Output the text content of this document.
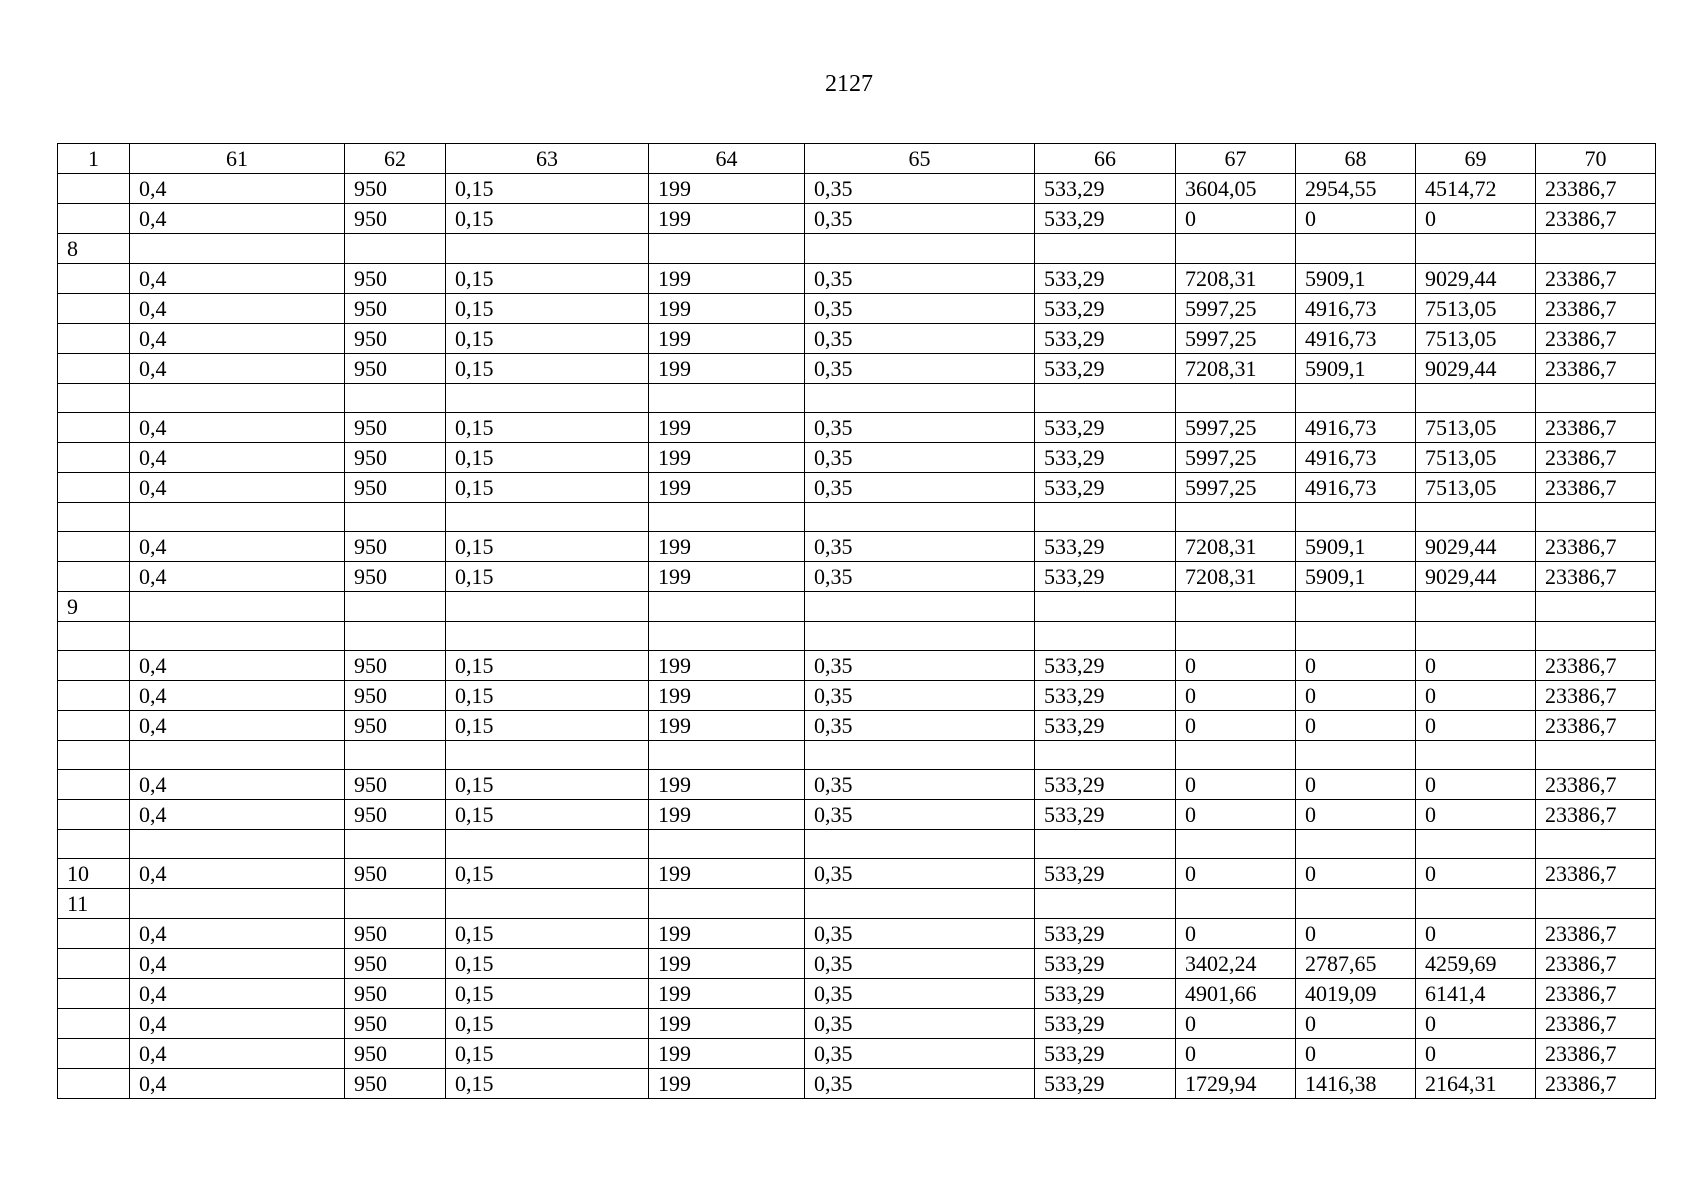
2127
1	61	62	63	64	65	66	67	68	69	70
	0,4	950	0,15	199	0,35	533,29	3604,05	2954,55	4514,72	23386,7
	0,4	950	0,15	199	0,35	533,29	0	0	0	23386,7
8										
	0,4	950	0,15	199	0,35	533,29	7208,31	5909,1	9029,44	23386,7
	0,4	950	0,15	199	0,35	533,29	5997,25	4916,73	7513,05	23386,7
	0,4	950	0,15	199	0,35	533,29	5997,25	4916,73	7513,05	23386,7
	0,4	950	0,15	199	0,35	533,29	7208,31	5909,1	9029,44	23386,7

	0,4	950	0,15	199	0,35	533,29	5997,25	4916,73	7513,05	23386,7
	0,4	950	0,15	199	0,35	533,29	5997,25	4916,73	7513,05	23386,7
	0,4	950	0,15	199	0,35	533,29	5997,25	4916,73	7513,05	23386,7

	0,4	950	0,15	199	0,35	533,29	7208,31	5909,1	9029,44	23386,7
	0,4	950	0,15	199	0,35	533,29	7208,31	5909,1	9029,44	23386,7
9										

	0,4	950	0,15	199	0,35	533,29	0	0	0	23386,7
	0,4	950	0,15	199	0,35	533,29	0	0	0	23386,7
	0,4	950	0,15	199	0,35	533,29	0	0	0	23386,7

	0,4	950	0,15	199	0,35	533,29	0	0	0	23386,7
	0,4	950	0,15	199	0,35	533,29	0	0	0	23386,7

10	0,4	950	0,15	199	0,35	533,29	0	0	0	23386,7
11										
	0,4	950	0,15	199	0,35	533,29	0	0	0	23386,7
	0,4	950	0,15	199	0,35	533,29	3402,24	2787,65	4259,69	23386,7
	0,4	950	0,15	199	0,35	533,29	4901,66	4019,09	6141,4	23386,7
	0,4	950	0,15	199	0,35	533,29	0	0	0	23386,7
	0,4	950	0,15	199	0,35	533,29	0	0	0	23386,7
	0,4	950	0,15	199	0,35	533,29	1729,94	1416,38	2164,31	23386,7
